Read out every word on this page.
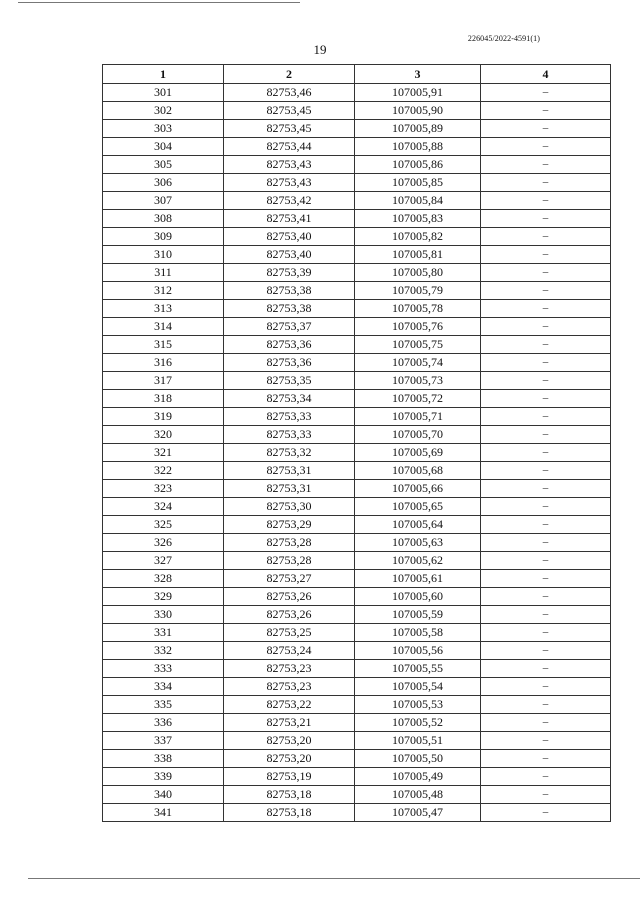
226045/2022-4591(1)
19
1	2	3	4
301	82753,46	107005,91	–
302	82753,45	107005,90	–
303	82753,45	107005,89	–
304	82753,44	107005,88	–
305	82753,43	107005,86	–
306	82753,43	107005,85	–
307	82753,42	107005,84	–
308	82753,41	107005,83	–
309	82753,40	107005,82	–
310	82753,40	107005,81	–
311	82753,39	107005,80	–
312	82753,38	107005,79	–
313	82753,38	107005,78	–
314	82753,37	107005,76	–
315	82753,36	107005,75	–
316	82753,36	107005,74	–
317	82753,35	107005,73	–
318	82753,34	107005,72	–
319	82753,33	107005,71	–
320	82753,33	107005,70	–
321	82753,32	107005,69	–
322	82753,31	107005,68	–
323	82753,31	107005,66	–
324	82753,30	107005,65	–
325	82753,29	107005,64	–
326	82753,28	107005,63	–
327	82753,28	107005,62	–
328	82753,27	107005,61	–
329	82753,26	107005,60	–
330	82753,26	107005,59	–
331	82753,25	107005,58	–
332	82753,24	107005,56	–
333	82753,23	107005,55	–
334	82753,23	107005,54	–
335	82753,22	107005,53	–
336	82753,21	107005,52	–
337	82753,20	107005,51	–
338	82753,20	107005,50	–
339	82753,19	107005,49	–
340	82753,18	107005,48	–
341	82753,18	107005,47	–
